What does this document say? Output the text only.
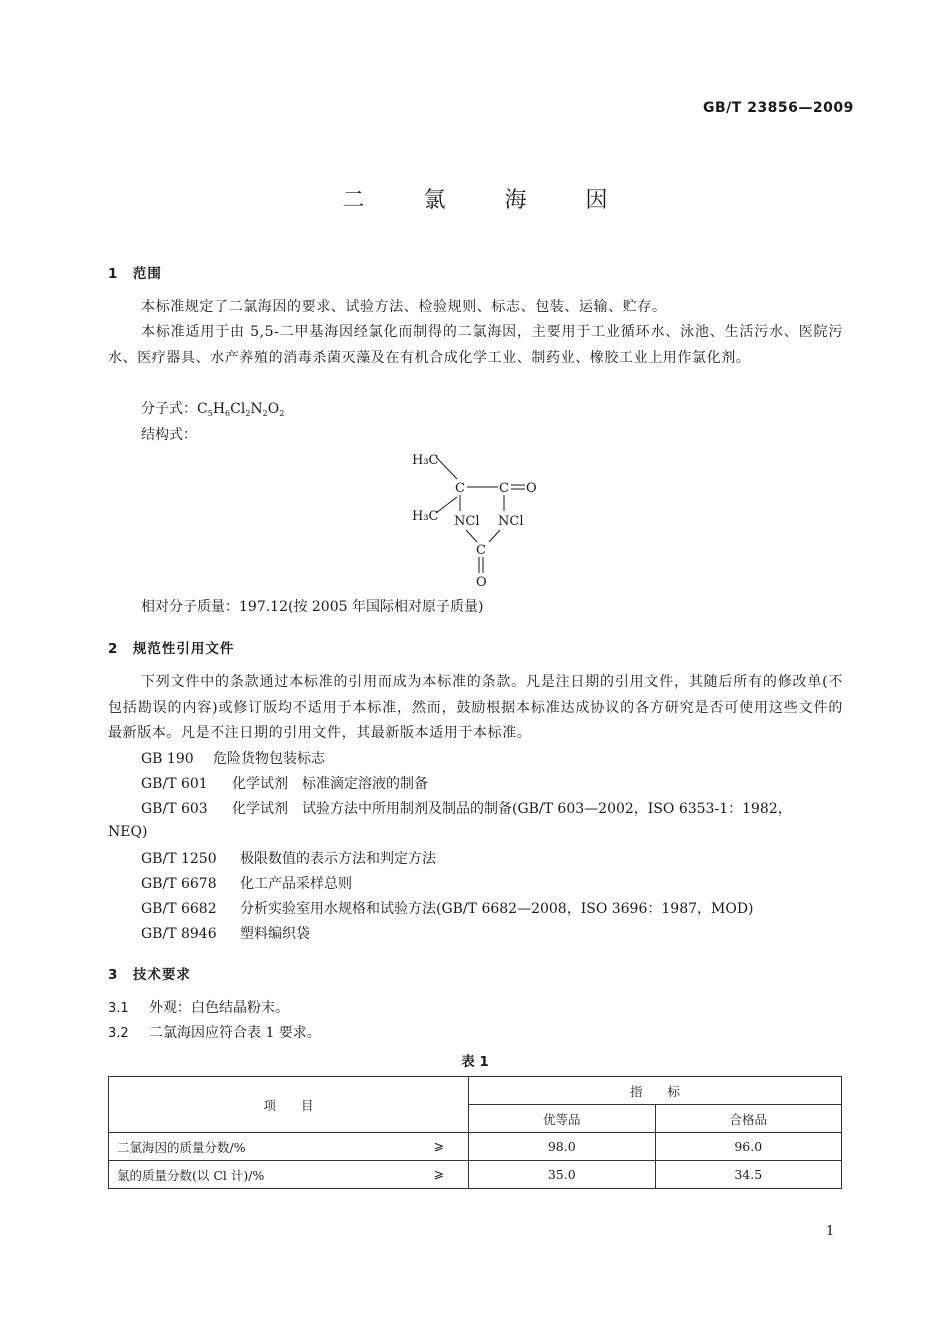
GB/T 23856—2009
二 氯 海 因
1　范围
本标准规定了二氯海因的要求、试验方法、检验规则、标志、包装、运输、贮存。
本标准适用于由 5,5-二甲基海因经氯化而制得的二氯海因，主要用于工业循环水、泳池、生活污水、医院污水、医疗器具、水产养殖的消毒杀菌灭藻及在有机合成化学工业、制药业、橡胶工业上用作氯化剂。
分子式：$C_5H_6Cl_2N_2O_2$
结构式：
H₃C
C	C O
H₃C NCl NCl
C
O
相对分子质量：197.12(按 2005 年国际相对原子质量)
2　规范性引用文件
下列文件中的条款通过本标准的引用而成为本标准的条款。凡是注日期的引用文件，其随后所有的修改单(不包括勘误的内容)或修订版均不适用于本标准，然而，鼓励根据本标准达成协议的各方研究是否可使用这些文件的最新版本。凡是不注日期的引用文件，其最新版本适用于本标准。
GB 190 危险货物包装标志
GB/T 601 化学试剂　标准滴定溶液的制备
GB/T 603 化学试剂　试验方法中所用制剂及制品的制备(GB/T 603—2002，ISO 6353-1：1982，
NEQ)
GB/T 1250 极限数值的表示方法和判定方法
GB/T 6678 化工产品采样总则
GB/T 6682 分析实验室用水规格和试验方法(GB/T 6682—2008，ISO 3696：1987，MOD)
GB/T 8946 塑料编织袋
3　技术要求
3.1 外观：白色结晶粉末。
3.2 二氯海因应符合表 1 要求。
表 1
项　　目	指　　标	
	优等品	合格品
二氯海因的质量分数/% ⩾	98.0	96.0
氯的质量分数(以 Cl 计)/% ⩾	35.0	34.5
1
